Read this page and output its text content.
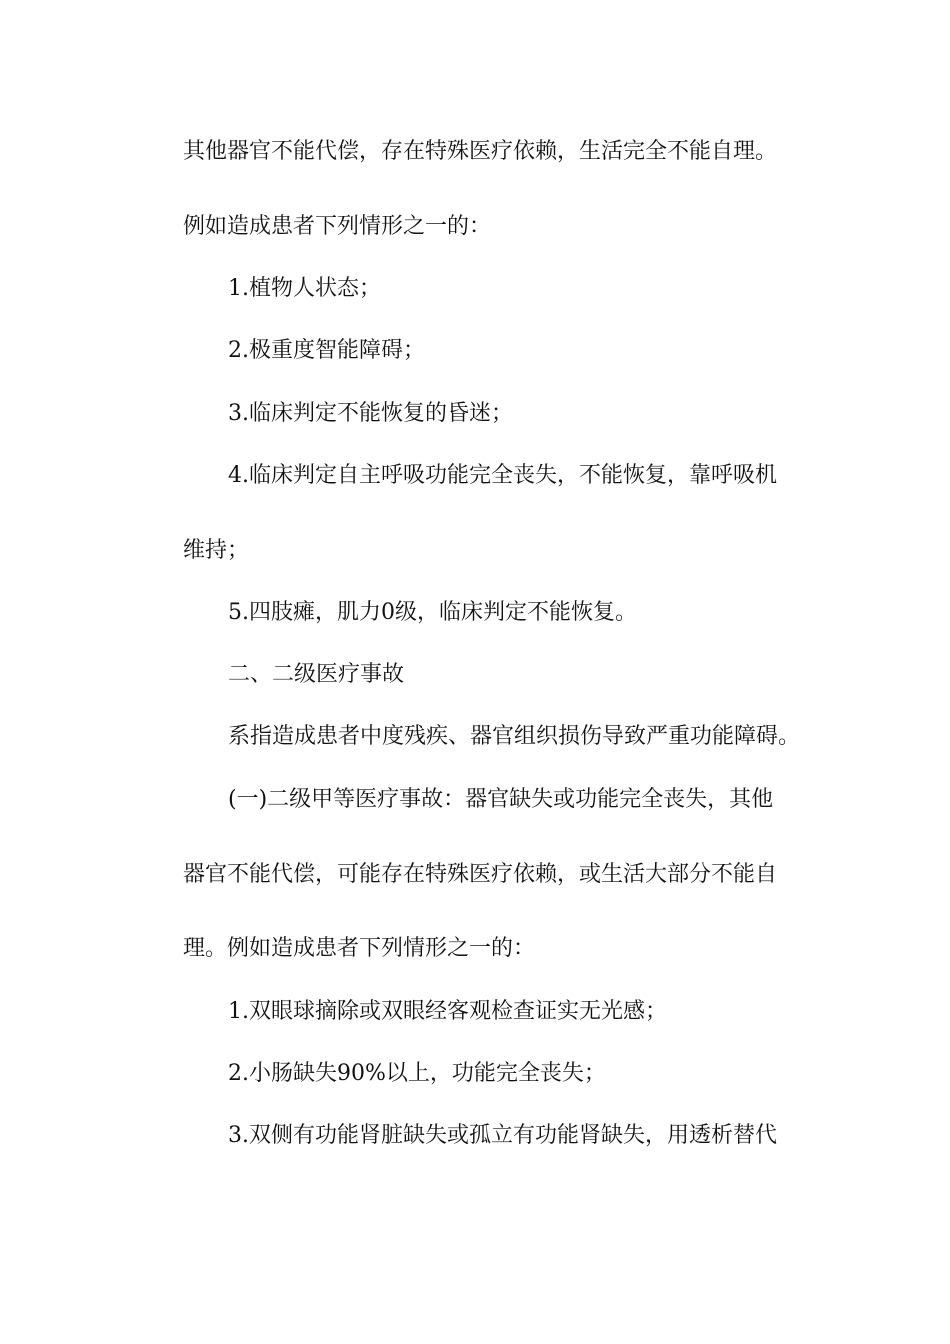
其他器官不能代偿，存在特殊医疗依赖，生活完全不能自理。
例如造成患者下列情形之一的：
1.植物人状态；
2.极重度智能障碍；
3.临床判定不能恢复的昏迷；
4.临床判定自主呼吸功能完全丧失，不能恢复，靠呼吸机
维持；
5.四肢瘫，肌力0级，临床判定不能恢复。
二、二级医疗事故
系指造成患者中度残疾、器官组织损伤导致严重功能障碍。
(一)二级甲等医疗事故：器官缺失或功能完全丧失，其他
器官不能代偿，可能存在特殊医疗依赖，或生活大部分不能自
理。例如造成患者下列情形之一的：
1.双眼球摘除或双眼经客观检查证实无光感；
2.小肠缺失90%以上，功能完全丧失；
3.双侧有功能肾脏缺失或孤立有功能肾缺失，用透析替代
